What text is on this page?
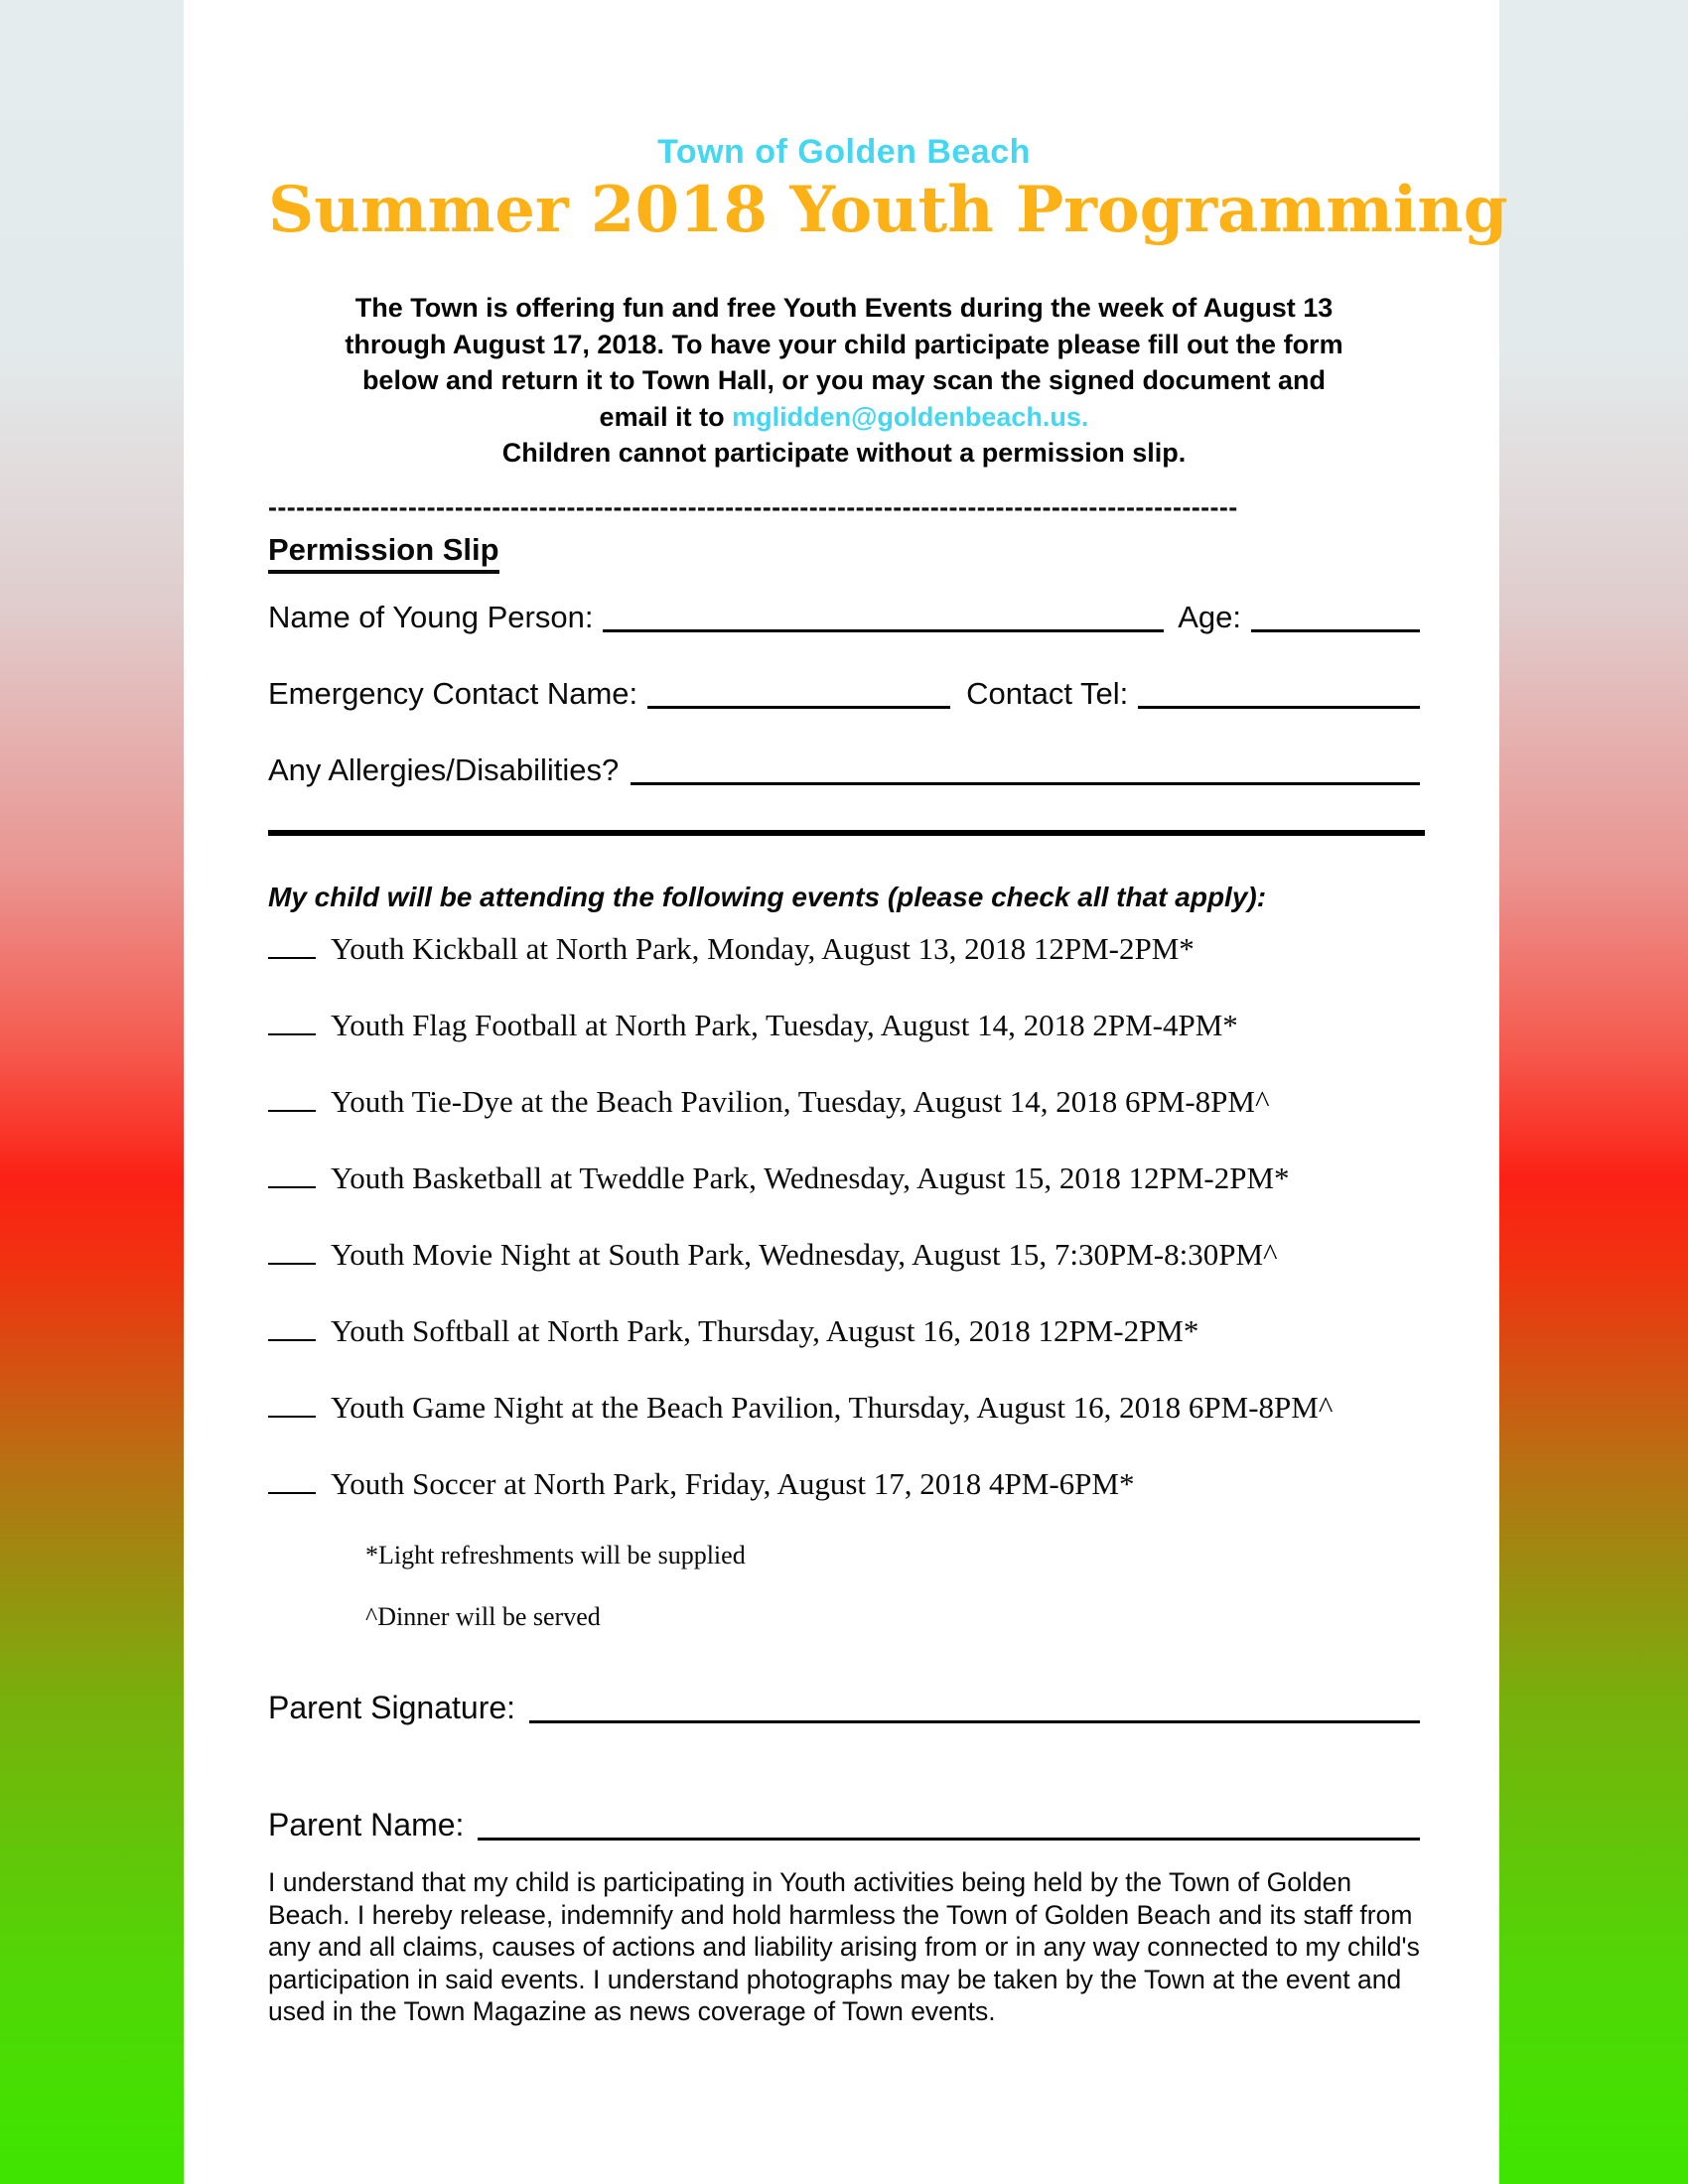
Town of Golden Beach
Summer 2018 Youth Programming
The Town is offering fun and free Youth Events during the week of August 13
through August 17, 2018. To have your child participate please fill out the form
below and return it to Town Hall, or you may scan the signed document and
email it to mglidden@goldenbeach.us.
Children cannot participate without a permission slip.
--------------------------------------------------------------------------------------------------------
Permission Slip
Name of Young Person:	Age:
Emergency Contact Name:	Contact Tel:
Any Allergies/Disabilities?
My child will be attending the following events (please check all that apply):
Youth Kickball at North Park, Monday, August 13, 2018 12PM-2PM*
Youth Flag Football at North Park, Tuesday, August 14, 2018 2PM-4PM*
Youth Tie-Dye at the Beach Pavilion, Tuesday, August 14, 2018 6PM-8PM^
Youth Basketball at Tweddle Park, Wednesday, August 15, 2018 12PM-2PM*
Youth Movie Night at South Park, Wednesday, August 15, 7:30PM-8:30PM^
Youth Softball at North Park, Thursday, August 16, 2018 12PM-2PM*
Youth Game Night at the Beach Pavilion, Thursday, August 16, 2018 6PM-8PM^
Youth Soccer at North Park, Friday, August 17, 2018 4PM-6PM*
*Light refreshments will be supplied
^Dinner will be served
Parent Signature:
Parent Name:
I understand that my child is participating in Youth activities being held by the Town of Golden Beach. I hereby release, indemnify and hold harmless the Town of Golden Beach and its staff from any and all claims, causes of actions and liability arising from or in any way connected to my child's participation in said events. I understand photographs may be taken by the Town at the event and used in the Town Magazine as news coverage of Town events.
